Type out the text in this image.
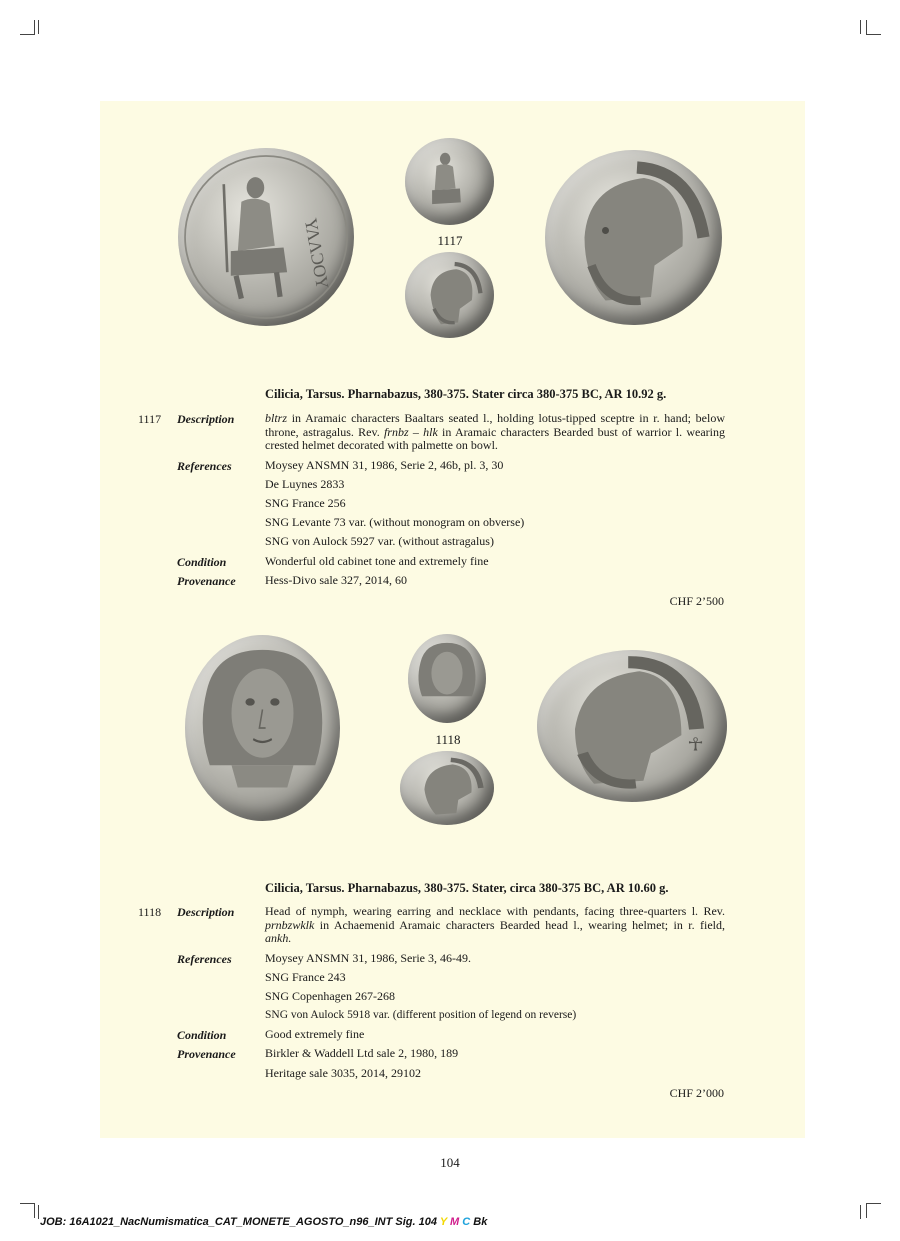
ΥΛΛϽΟΥ	1117
Cilicia, Tarsus. Pharnabazus, 380-375. Stater circa 380-375 BC, AR 10.92 g.
1117 Description	bltrz in Aramaic characters Baaltars seated l., holding lotus-tipped sceptre in r. hand; below throne, astragalus. Rev. frnbz – hlk in Aramaic characters Bearded bust of warrior l. wearing crested helmet decorated with palmette on bowl.
References	Moysey ANSMN 31, 1986, Serie 2, 46b, pl. 3, 30
De Luynes 2833
SNG France 256
SNG Levante 73 var. (without monogram on obverse)
SNG von Aulock 5927 var. (without astragalus)
Condition	Wonderful old cabinet tone and extremely fine
Provenance Hess-Divo sale 327, 2014, 60
CHF 2’500
1118	☥
Cilicia, Tarsus. Pharnabazus, 380-375. Stater, circa 380-375 BC, AR 10.60 g.
1118 Description	Head of nymph, wearing earring and necklace with pendants, facing three-quarters l. Rev. prnbzwklk in Achaemenid Aramaic characters Bearded head l., wearing helmet; in r. field, ankh.
References	Moysey ANSMN 31, 1986, Serie 3, 46-49.
SNG France 243
SNG Copenhagen 267-268
SNG von Aulock 5918 var. (different position of legend on reverse)
Condition	Good extremely fine
Provenance Birkler & Waddell Ltd sale 2, 1980, 189
Heritage sale 3035, 2014, 29102
CHF 2’000
104
JOB: 16A1021_NacNumismatica_CAT_MONETE_AGOSTO_n96_INT Sig. 104 Y M C Bk
